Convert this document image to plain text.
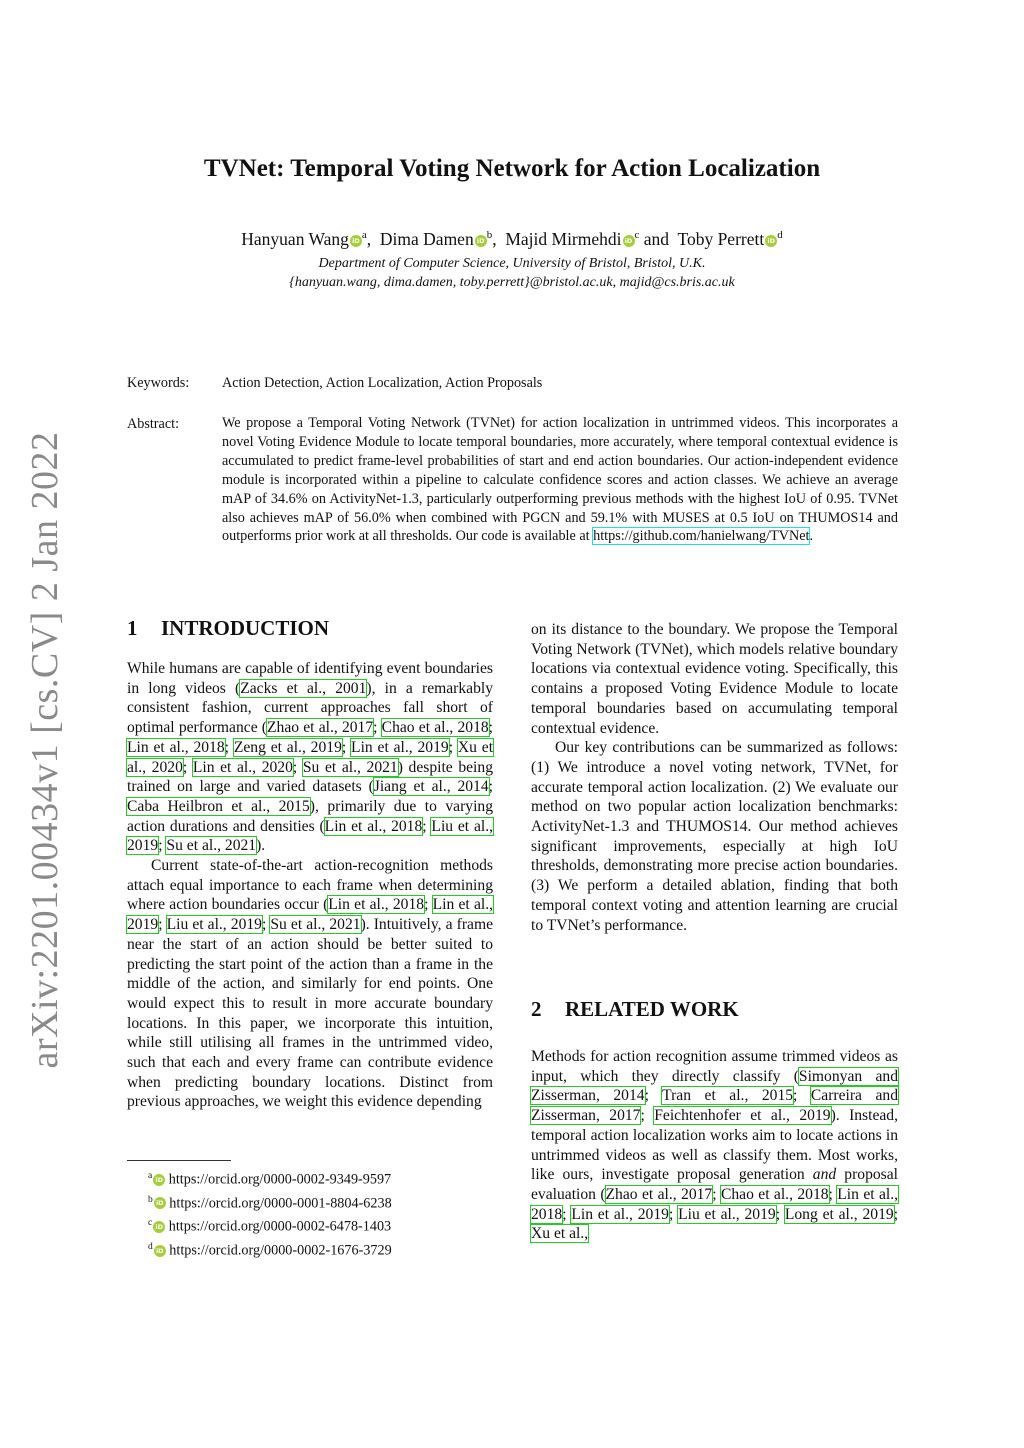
arXiv:2201.00434v1 [cs.CV] 2 Jan 2022
TVNet: Temporal Voting Network for Action Localization
Hanyuan Wang iD $^a$,  Dima Damen iD $^b$,  Majid Mirmehdi iD $^c$ and  Toby Perrett iD $^d$
Department of Computer Science, University of Bristol, Bristol, U.K.
{hanyuan.wang, dima.damen, toby.perrett}@bristol.ac.uk, majid@cs.bris.ac.uk
Keywords: Action Detection, Action Localization, Action Proposals
Abstract:	We propose a Temporal Voting Network (TVNet) for action localization in untrimmed videos. This incorporates a novel Voting Evidence Module to locate temporal boundaries, more accurately, where temporal contextual evidence is accumulated to predict frame-level probabilities of start and end action boundaries. Our action-independent evidence module is incorporated within a pipeline to calculate confidence scores and action classes. We achieve an average mAP of 34.6% on ActivityNet-1.3, particularly outperforming previous methods with the highest IoU of 0.95. TVNet also achieves mAP of 56.0% when combined with PGCN and 59.1% with MUSES at 0.5 IoU on THUMOS14 and outperforms prior work at all thresholds. Our code is available at https://github.com/hanielwang/TVNet.
1 INTRODUCTION

While humans are capable of identifying event boundaries in long videos (Zacks et al., 2001), in a remarkably consistent fashion, current approaches fall short of optimal performance (Zhao et al., 2017; Chao et al., 2018; Lin et al., 2018; Zeng et al., 2019; Lin et al., 2019; Xu et al., 2020; Lin et al., 2020; Su et al., 2021) despite being trained on large and varied datasets (Jiang et al., 2014; Caba Heilbron et al., 2015), primarily due to varying action durations and densities (Lin et al., 2018; Liu et al., 2019; Su et al., 2021).

Current state-of-the-art action-recognition methods attach equal importance to each frame when determining where action boundaries occur (Lin et al., 2018; Lin et al., 2019; Liu et al., 2019; Su et al., 2021). Intuitively, a frame near the start of an action should be better suited to predicting the start point of the action than a frame in the middle of the action, and similarly for end points. One would expect this to result in more accurate boundary locations. In this paper, we incorporate this intuition, while still utilising all frames in the untrimmed video, such that each and every frame can contribute evidence when predicting boundary locations. Distinct from previous approaches, we weight this evidence depending

on its distance to the boundary. We propose the Temporal Voting Network (TVNet), which models relative boundary locations via contextual evidence voting. Specifically, this contains a proposed Voting Evidence Module to locate temporal boundaries based on accumulating temporal contextual evidence.

Our key contributions can be summarized as follows: (1) We introduce a novel voting network, TVNet, for accurate temporal action localization. (2) We evaluate our method on two popular action localization benchmarks: ActivityNet-1.3 and THUMOS14. Our method achieves significant improvements, especially at high IoU thresholds, demonstrating more precise action boundaries. (3) We perform a detailed ablation, finding that both temporal context voting and attention learning are crucial to TVNet’s performance.

2 RELATED WORK

Methods for action recognition assume trimmed videos as input, which they directly classify (Simonyan and Zisserman, 2014; Tran et al., 2015; Carreira and Zisserman, 2017; Feichtenhofer et al., 2019). Instead, temporal action localization works aim to locate actions in untrimmed videos as well as classify them. Most works, like ours, investigate proposal generation and proposal evaluation (Zhao et al., 2017; Chao et al., 2018; Lin et al., 2018; Lin et al., 2019; Liu et al., 2019; Long et al., 2019; Xu et al.,

$^a$ iD https://orcid.org/0000-0002-9349-9597
$^b$ iD https://orcid.org/0000-0001-8804-6238
$^c$ iD https://orcid.org/0000-0002-6478-1403
$^d$ iD https://orcid.org/0000-0002-1676-3729
